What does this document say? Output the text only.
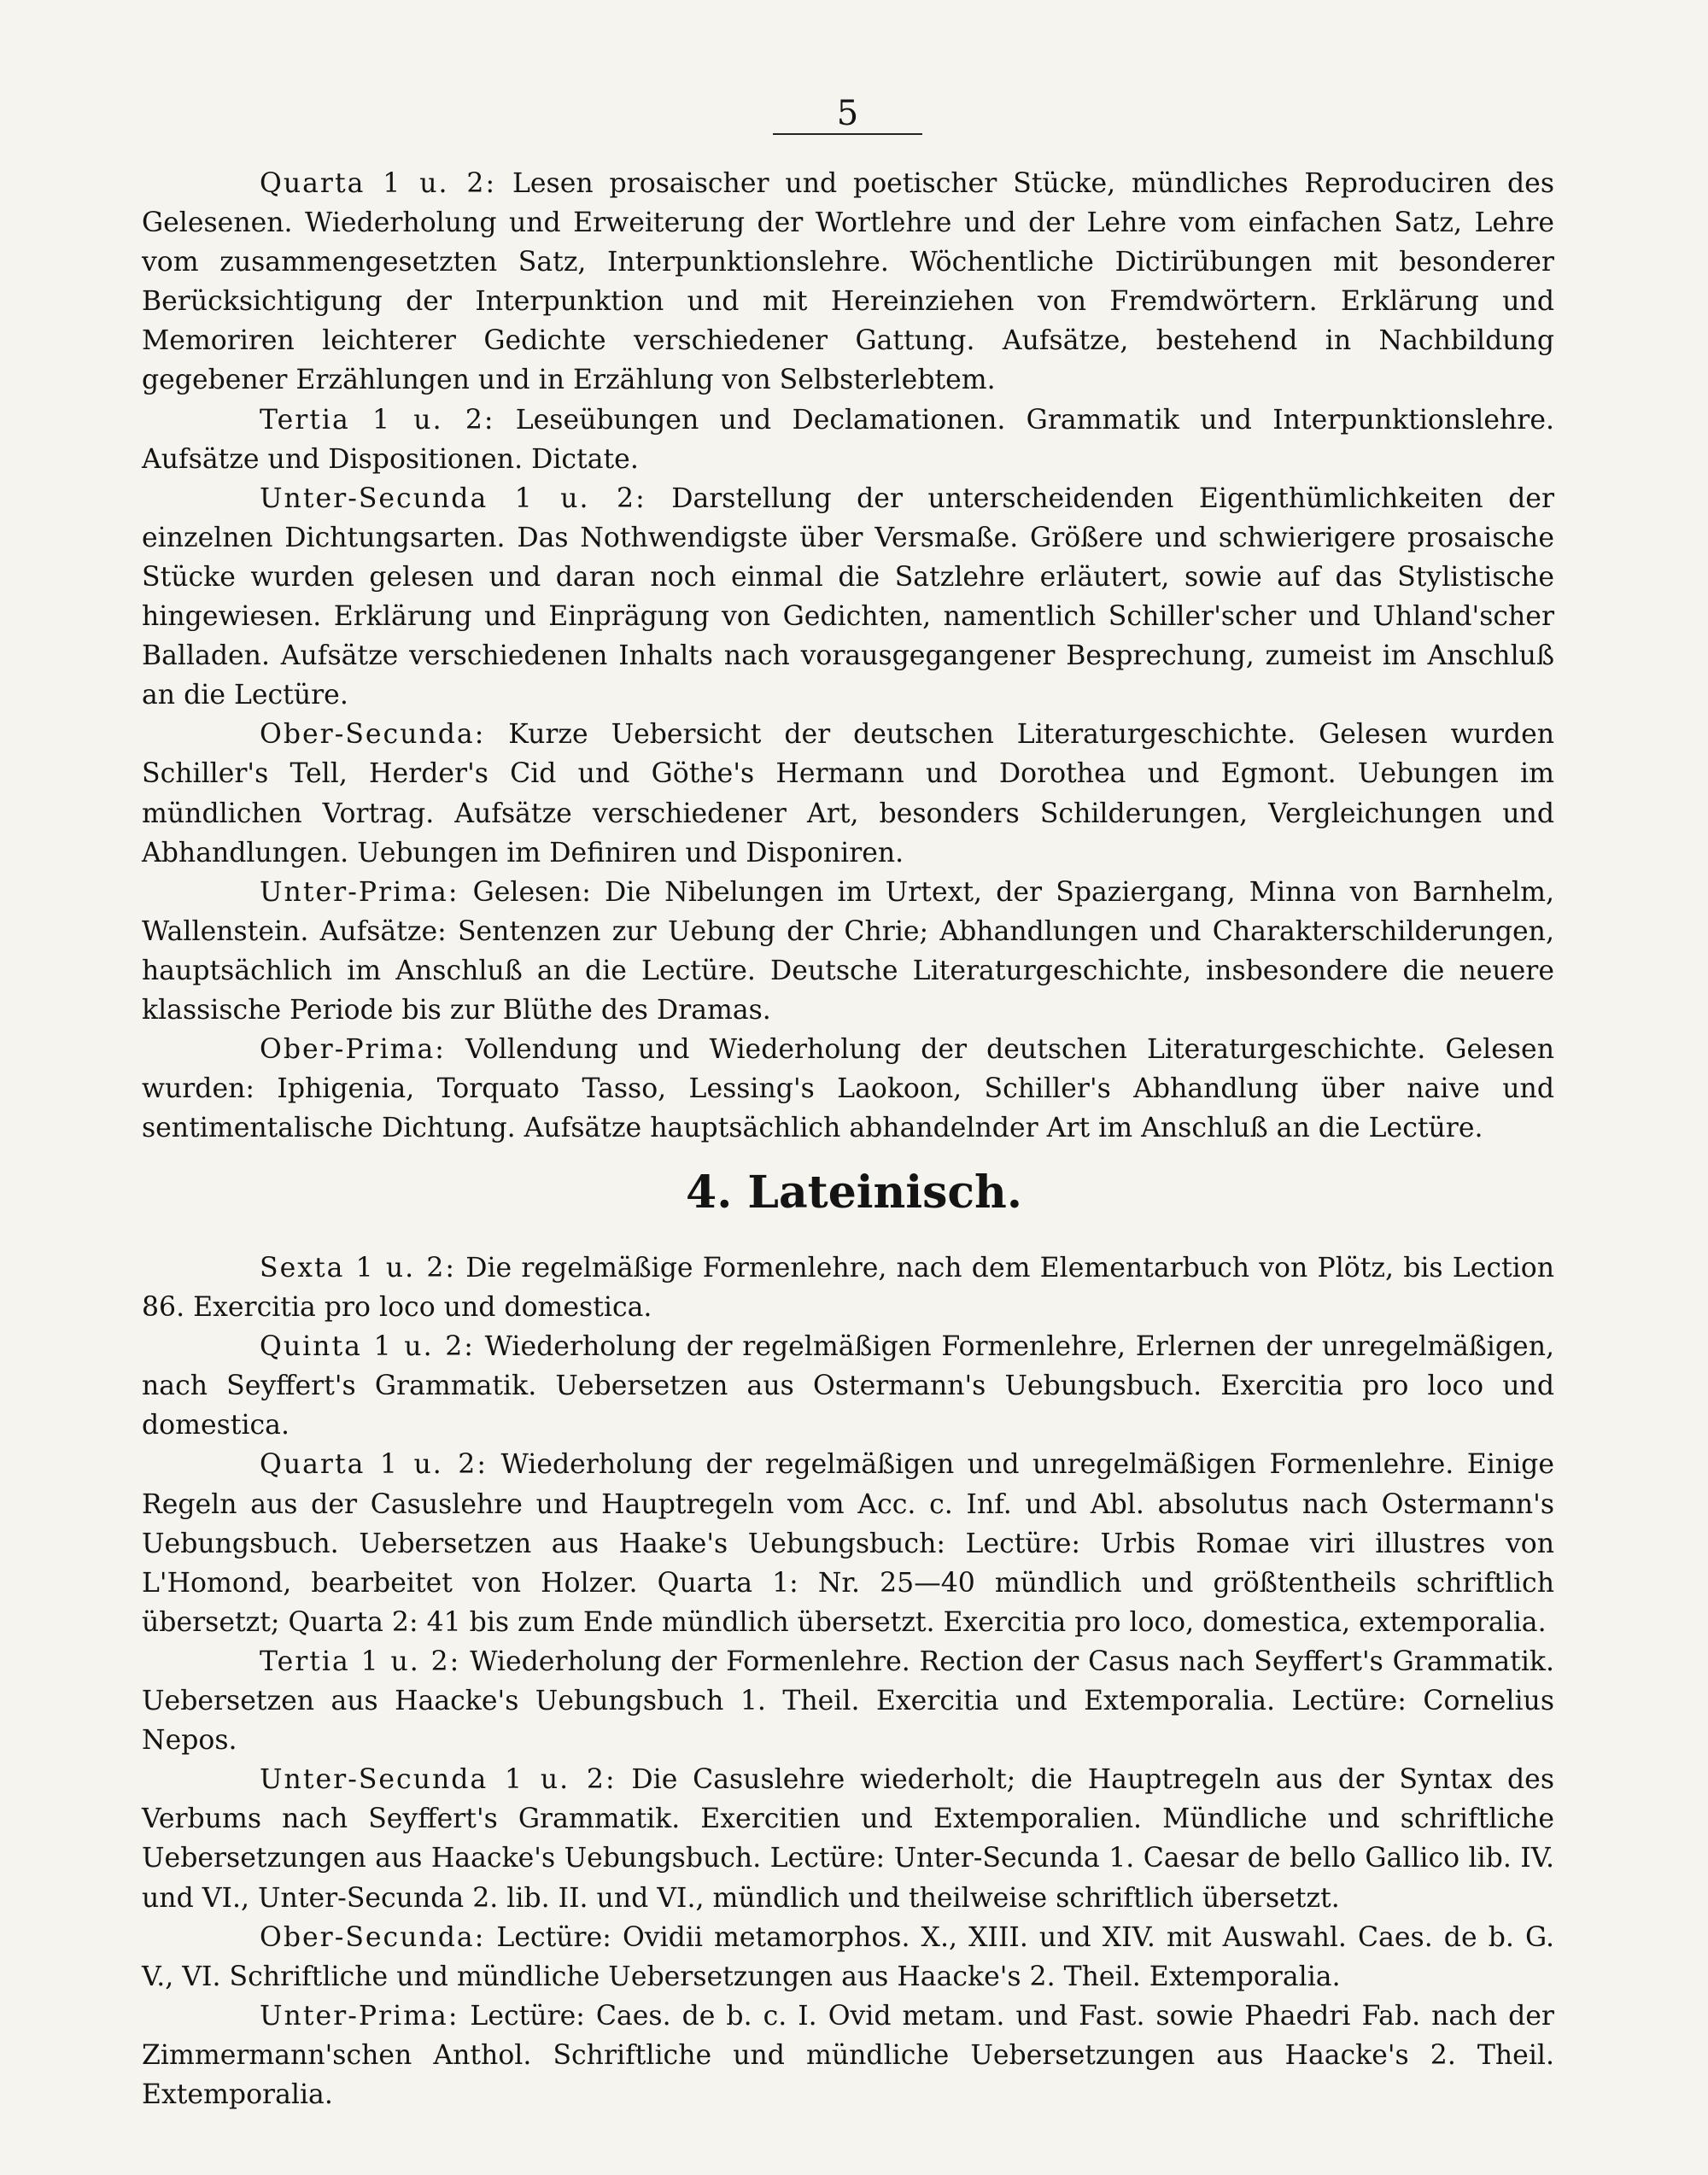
5

Quarta 1 u. 2: Lesen prosaischer und poetischer Stücke, mündliches Reproduciren des Gelesenen. Wiederholung und Erweiterung der Wortlehre und der Lehre vom einfachen Satz, Lehre vom zusammengesetzten Satz, Interpunktionslehre. Wöchentliche Dictirübungen mit besonderer Berücksichtigung der Interpunktion und mit Hereinziehen von Fremdwörtern. Erklärung und Memoriren leichterer Gedichte verschiedener Gattung. Aufsätze, bestehend in Nachbildung gegebener Erzählungen und in Erzählung von Selbsterlebtem.

Tertia 1 u. 2: Leseübungen und Declamationen. Grammatik und Interpunktionslehre. Aufsätze und Dispositionen. Dictate.

Unter-Secunda 1 u. 2: Darstellung der unterscheidenden Eigenthümlichkeiten der einzelnen Dichtungsarten. Das Nothwendigste über Versmaße. Größere und schwierigere prosaische Stücke wurden gelesen und daran noch einmal die Satzlehre erläutert, sowie auf das Stylistische hingewiesen. Erklärung und Einprägung von Gedichten, namentlich Schiller'scher und Uhland'scher Balladen. Aufsätze verschiedenen Inhalts nach vorausgegangener Besprechung, zumeist im Anschluß an die Lectüre.

Ober-Secunda: Kurze Uebersicht der deutschen Literaturgeschichte. Gelesen wurden Schiller's Tell, Herder's Cid und Göthe's Hermann und Dorothea und Egmont. Uebungen im mündlichen Vortrag. Aufsätze verschiedener Art, besonders Schilderungen, Vergleichungen und Abhandlungen. Uebungen im Definiren und Disponiren.

Unter-Prima: Gelesen: Die Nibelungen im Urtext, der Spaziergang, Minna von Barnhelm, Wallenstein. Aufsätze: Sentenzen zur Uebung der Chrie; Abhandlungen und Charakterschilderungen, hauptsächlich im Anschluß an die Lectüre. Deutsche Literaturgeschichte, insbesondere die neuere klassische Periode bis zur Blüthe des Dramas.

Ober-Prima: Vollendung und Wiederholung der deutschen Literaturgeschichte. Gelesen wurden: Iphigenia, Torquato Tasso, Lessing's Laokoon, Schiller's Abhandlung über naive und sentimentalische Dichtung. Aufsätze hauptsächlich abhandelnder Art im Anschluß an die Lectüre.

4. Lateinisch.

Sexta 1 u. 2: Die regelmäßige Formenlehre, nach dem Elementarbuch von Plötz, bis Lection 86. Exercitia pro loco und domestica.

Quinta 1 u. 2: Wiederholung der regelmäßigen Formenlehre, Erlernen der unregelmäßigen, nach Seyffert's Grammatik. Uebersetzen aus Ostermann's Uebungsbuch. Exercitia pro loco und domestica.

Quarta 1 u. 2: Wiederholung der regelmäßigen und unregelmäßigen Formenlehre. Einige Regeln aus der Casuslehre und Hauptregeln vom Acc. c. Inf. und Abl. absolutus nach Ostermann's Uebungsbuch. Uebersetzen aus Haake's Uebungsbuch: Lectüre: Urbis Romae viri illustres von L'Homond, bearbeitet von Holzer. Quarta 1: Nr. 25—40 mündlich und größtentheils schriftlich übersetzt; Quarta 2: 41 bis zum Ende mündlich übersetzt. Exercitia pro loco, domestica, extemporalia.

Tertia 1 u. 2: Wiederholung der Formenlehre. Rection der Casus nach Seyffert's Grammatik. Uebersetzen aus Haacke's Uebungsbuch 1. Theil. Exercitia und Extemporalia. Lectüre: Cornelius Nepos.

Unter-Secunda 1 u. 2: Die Casuslehre wiederholt; die Hauptregeln aus der Syntax des Verbums nach Seyffert's Grammatik. Exercitien und Extemporalien. Mündliche und schriftliche Uebersetzungen aus Haacke's Uebungsbuch. Lectüre: Unter-Secunda 1. Caesar de bello Gallico lib. IV. und VI., Unter-Secunda 2. lib. II. und VI., mündlich und theilweise schriftlich übersetzt.

Ober-Secunda: Lectüre: Ovidii metamorphos. X., XIII. und XIV. mit Auswahl. Caes. de b. G. V., VI. Schriftliche und mündliche Uebersetzungen aus Haacke's 2. Theil. Extemporalia.

Unter-Prima: Lectüre: Caes. de b. c. I. Ovid metam. und Fast. sowie Phaedri Fab. nach der Zimmermann'schen Anthol. Schriftliche und mündliche Uebersetzungen aus Haacke's 2. Theil. Extemporalia.
